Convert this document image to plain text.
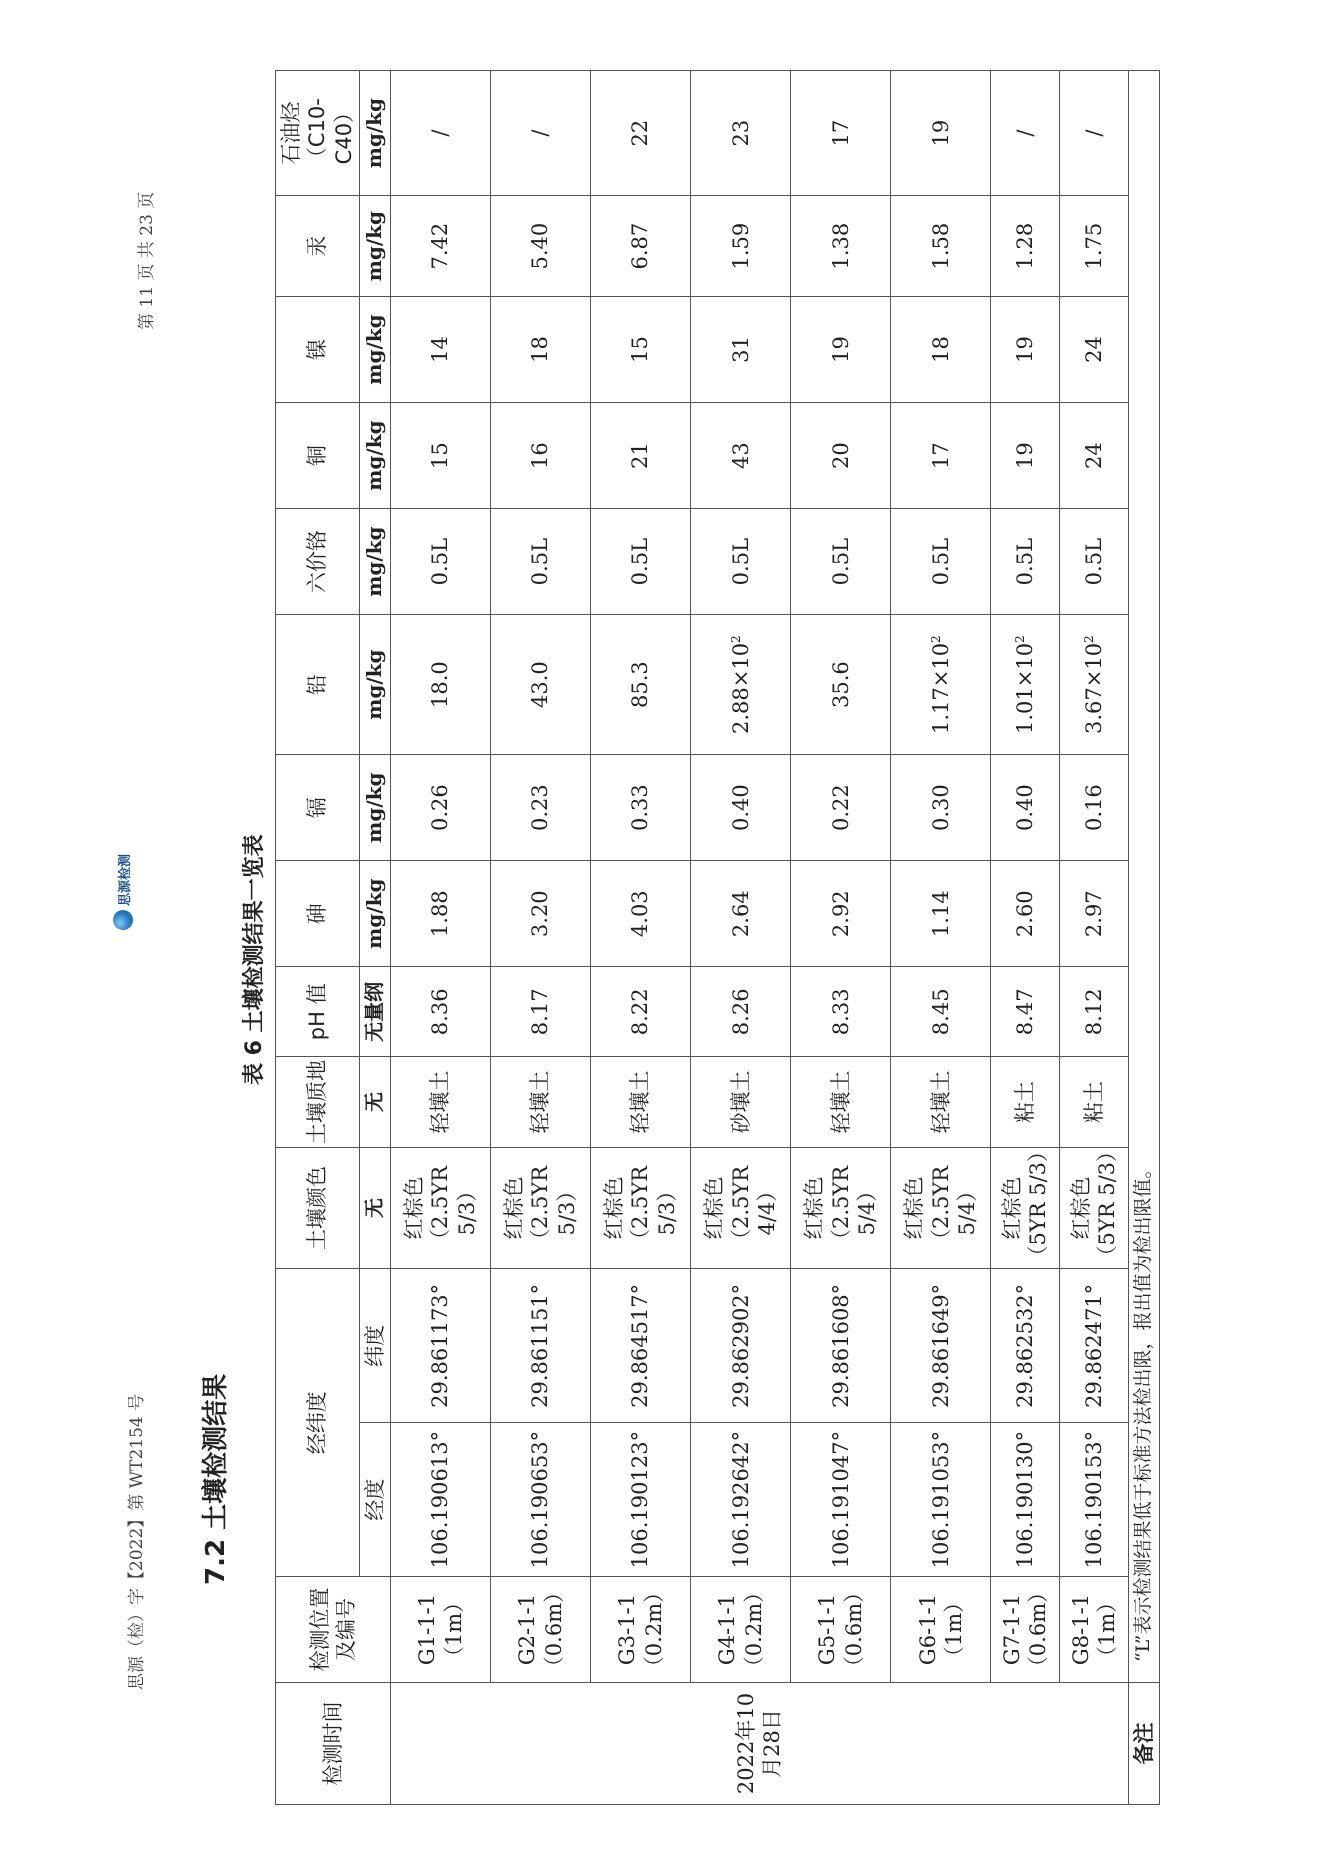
思源（检）字【2022】第 WT2154 号
第 11 页 共 23 页
思源检测
7.2 土壤检测结果
表 6 土壤检测结果一览表
检测时间	检测位置及编号	经纬度		土壤颜色	土壤质地	pH 值	砷	镉	铅	六价铬	铜	镍	汞	石油烃（C10-C40）
		经度	纬度	无	无	无量纲	mg/kg	mg/kg	mg/kg	mg/kg	mg/kg	mg/kg	mg/kg	mg/kg
2022年10月28日	G1-1-1（1m）	106.190613°	29.861173°	红棕色（2.5YR 5/3）	轻壤土	8.36	1.88	0.26	18.0	0.5L	15	14	7.42	/
	G2-1-1（0.6m）	106.190653°	29.861151°	红棕色（2.5YR 5/3）	轻壤土	8.17	3.20	0.23	43.0	0.5L	16	18	5.40	/
	G3-1-1（0.2m）	106.190123°	29.864517°	红棕色（2.5YR 5/3）	轻壤土	8.22	4.03	0.33	85.3	0.5L	21	15	6.87	22
	G4-1-1（0.2m）	106.192642°	29.862902°	红棕色（2.5YR 4/4）	砂壤土	8.26	2.64	0.40	$2.88\times 10^2$	0.5L	43	31	1.59	23
	G5-1-1（0.6m）	106.191047°	29.861608°	红棕色（2.5YR 5/4）	轻壤土	8.33	2.92	0.22	35.6	0.5L	20	19	1.38	17
	G6-1-1（1m）	106.191053°	29.861649°	红棕色（2.5YR 5/4）	轻壤土	8.45	1.14	0.30	$1.17\times 10^2$	0.5L	17	18	1.58	19
	G7-1-1（0.6m）	106.190130°	29.862532°	红棕色（5YR 5/3）	粘土	8.47	2.60	0.40	$1.01\times 10^2$	0.5L	19	19	1.28	/
	G8-1-1（1m）	106.190153°	29.862471°	红棕色（5YR 5/3）	粘土	8.12	2.97	0.16	$3.67\times 10^2$	0.5L	24	24	1.75	/
备注	“L”表示检测结果低于标准方法检出限，报出值为检出限值。													
